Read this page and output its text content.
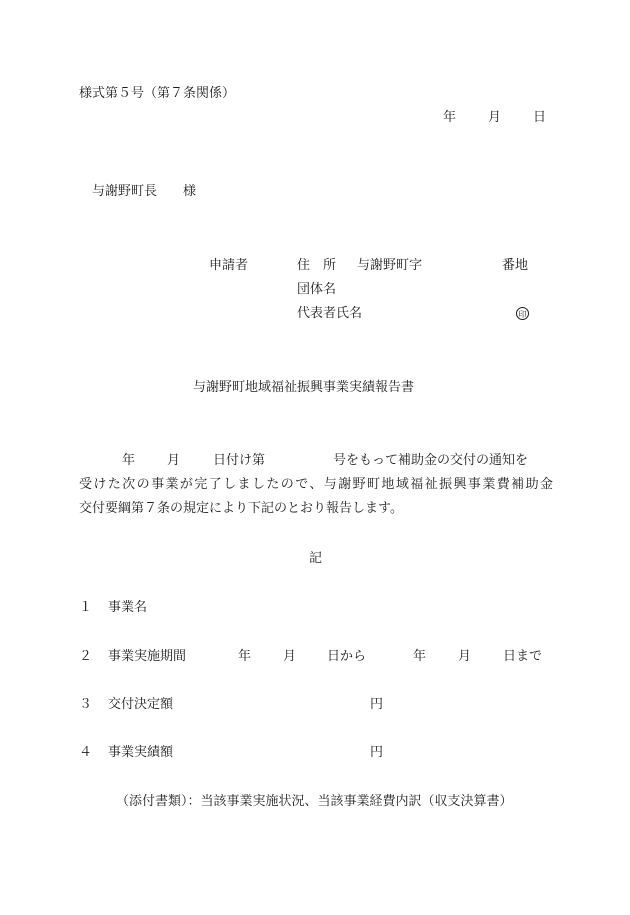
様式第５号（第７条関係）
年 月 日
与謝野町長　　様
申請者	住　所 与謝野町字	番地
団体名
代表者氏名	印
与謝野町地域福祉振興事業実績報告書
年 月	日付け第	号をもって補助金の交付の通知を
受けた次の事業が完了しましたので、与謝野町地域福祉振興事業費補助金
交付要綱第７条の規定により下記のとおり報告します。
記
１ 事業名
２ 事業実施期間	年 月 日から	年 月 日まで
３ 交付決定額	円
４ 事業実績額	円
（添付書類）：当該事業実施状況、当該事業経費内訳（収支決算書）
